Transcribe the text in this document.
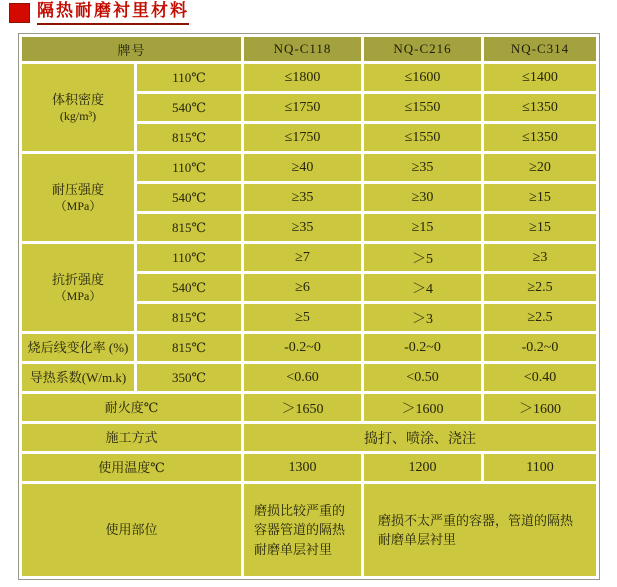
隔热耐磨衬里材料
牌号		NQ-C118	NQ-C216	NQ-C314

体积密度
(kg/m³)	110℃	≤1800	≤1600	≤1400
	540℃	≤1750	≤1550	≤1350
	815℃	≤1750	≤1550	≤1350

耐压强度
（MPa）	110℃	≥40	≥35	≥20
	540℃	≥35	≥30	≥15
	815℃	≥35	≥15	≥15

抗折强度
（MPa）	110℃	≥7	＞5	≥3
	540℃	≥6	＞4	≥2.5
	815℃	≥5	＞3	≥2.5
烧后线变化率 (%)	815℃	-0.2~0	-0.2~0	-0.2~0
导热系数(W/m.k)	350℃	<0.60	<0.50	<0.40
耐火度℃		＞1650	＞1600	＞1600
施工方式		捣打、喷涂、浇注		
使用温度℃		1300	1200	1100
使用部位		磨损比较严重的容器管道的隔热耐磨单层衬里	磨损不太严重的容器，管道的隔热耐磨单层衬里	
